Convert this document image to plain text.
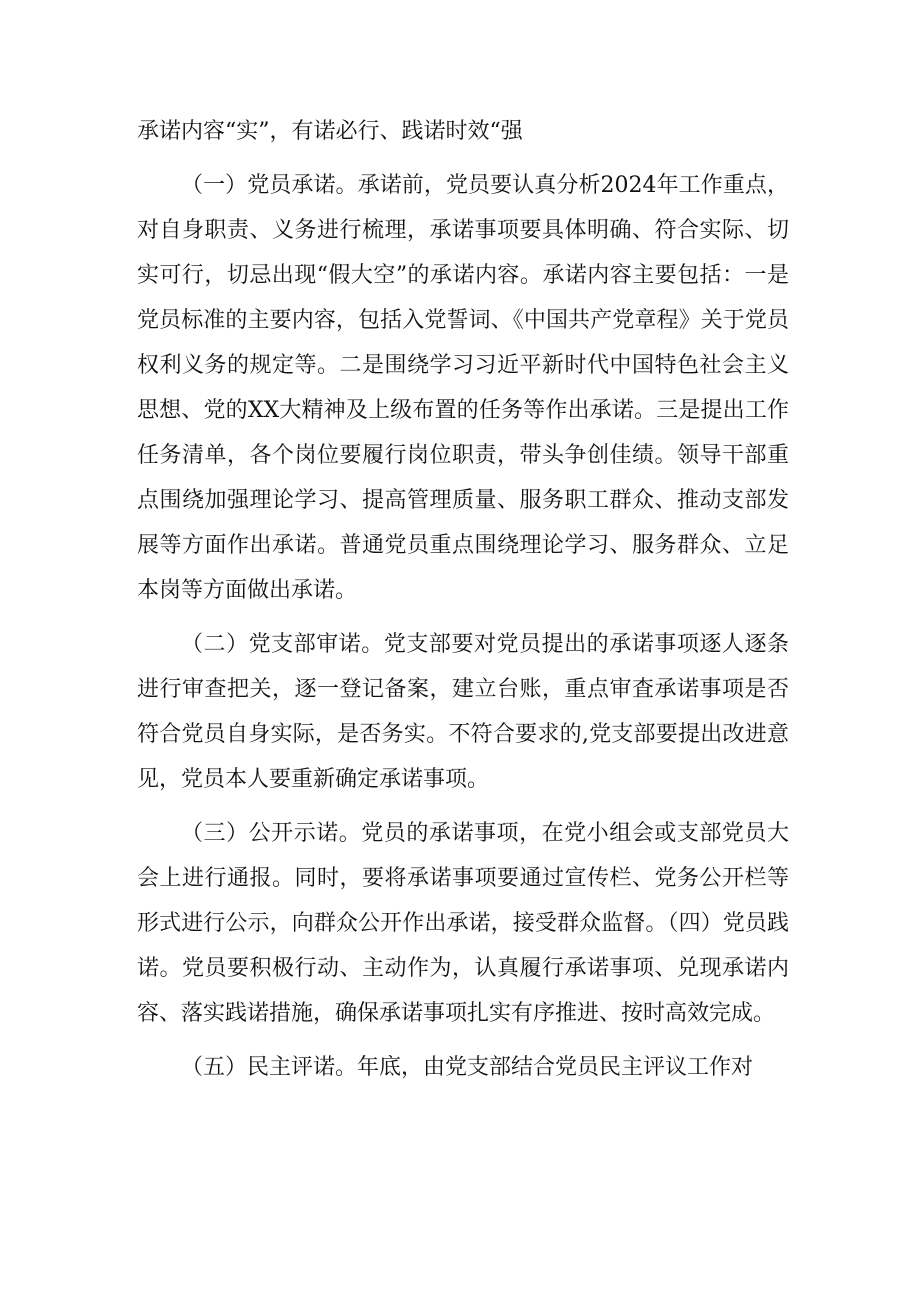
承诺内容“实”，有诺必行、践诺时效“强

（一）党员承诺。承诺前，党员要认真分析2024年工作重点，对自身职责、义务进行梳理，承诺事项要具体明确、符合实际、切实可行，切忌出现“假大空”的承诺内容。承诺内容主要包括：一是党员标准的主要内容，包括入党誓词、《中国共产党章程》关于党员权利义务的规定等。二是围绕学习习近平新时代中国特色社会主义思想、党的XX大精神及上级布置的任务等作出承诺。三是提出工作任务清单，各个岗位要履行岗位职责，带头争创佳绩。领导干部重点围绕加强理论学习、提高管理质量、服务职工群众、推动支部发展等方面作出承诺。普通党员重点围绕理论学习、服务群众、立足本岗等方面做出承诺。

（二）党支部审诺。党支部要对党员提出的承诺事项逐人逐条进行审查把关，逐一登记备案，建立台账，重点审査承诺事项是否符合党员自身实际，是否务实。不符合要求的,党支部要提出改进意见，党员本人要重新确定承诺事项。

（三）公开示诺。党员的承诺事项，在党小组会或支部党员大会上进行通报。同时，要将承诺事项要通过宣传栏、党务公开栏等形式进行公示，向群众公开作出承诺，接受群众监督。（四）党员践诺。党员要积极行动、主动作为，认真履行承诺事项、兑现承诺内容、落实践诺措施，确保承诺事项扎实有序推进、按时高效完成。

（五）民主评诺。年底，由党支部结合党员民主评议工作对
